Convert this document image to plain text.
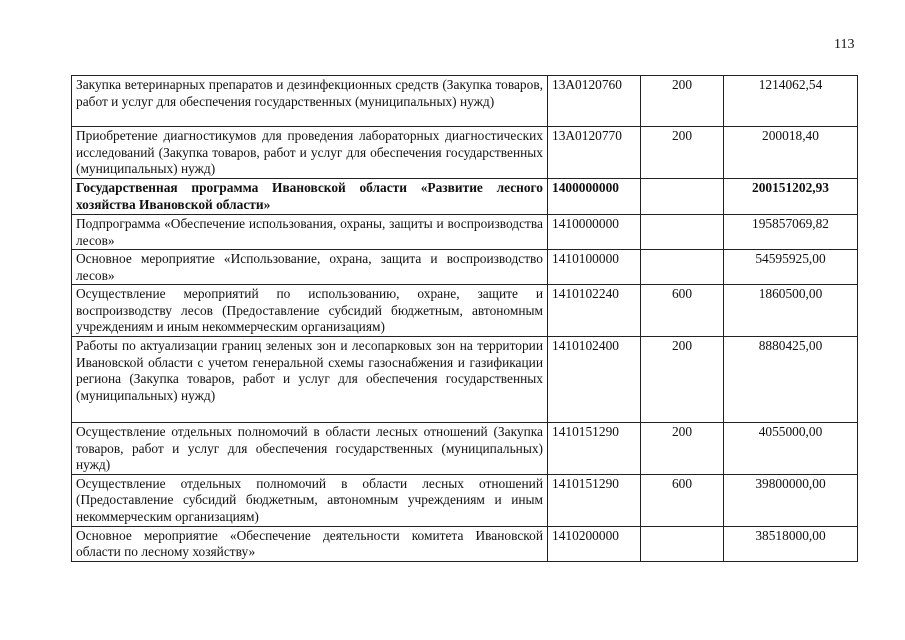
113
Закупка ветеринарных препаратов и дезинфекционных средств (Закупка товаров, работ и услуг для обеспечения государственных (муниципальных) нужд)	13А0120760	200	1214062,54
Приобретение диагностикумов для проведения лабораторных диагностических исследований (Закупка товаров, работ и услуг для обеспечения государственных (муниципальных) нужд)	13А0120770	200	200018,40
Государственная программа Ивановской области «Развитие лесного хозяйства Ивановской области»	1400000000		200151202,93
Подпрограмма «Обеспечение использования, охраны, защиты и воспроизводства лесов»	1410000000		195857069,82
Основное мероприятие «Использование, охрана, защита и воспроизводство лесов»	1410100000		54595925,00
Осуществление мероприятий по использованию, охране, защите и воспроизводству лесов (Предоставление субсидий бюджетным, автономным учреждениям и иным некоммерческим организациям)	1410102240	600	1860500,00
Работы по актуализации границ зеленых зон и лесопарковых зон на территории Ивановской области с учетом генеральной схемы газоснабжения и газификации региона (Закупка товаров, работ и услуг для обеспечения государственных (муниципальных) нужд)	1410102400	200	8880425,00
Осуществление отдельных полномочий в области лесных отношений (Закупка товаров, работ и услуг для обеспечения государственных (муниципальных) нужд)	1410151290	200	4055000,00
Осуществление отдельных полномочий в области лесных отношений (Предоставление субсидий бюджетным, автономным учреждениям и иным некоммерческим организациям)	1410151290	600	39800000,00
Основное мероприятие «Обеспечение деятельности комитета Ивановской области по лесному хозяйству»	1410200000		38518000,00
